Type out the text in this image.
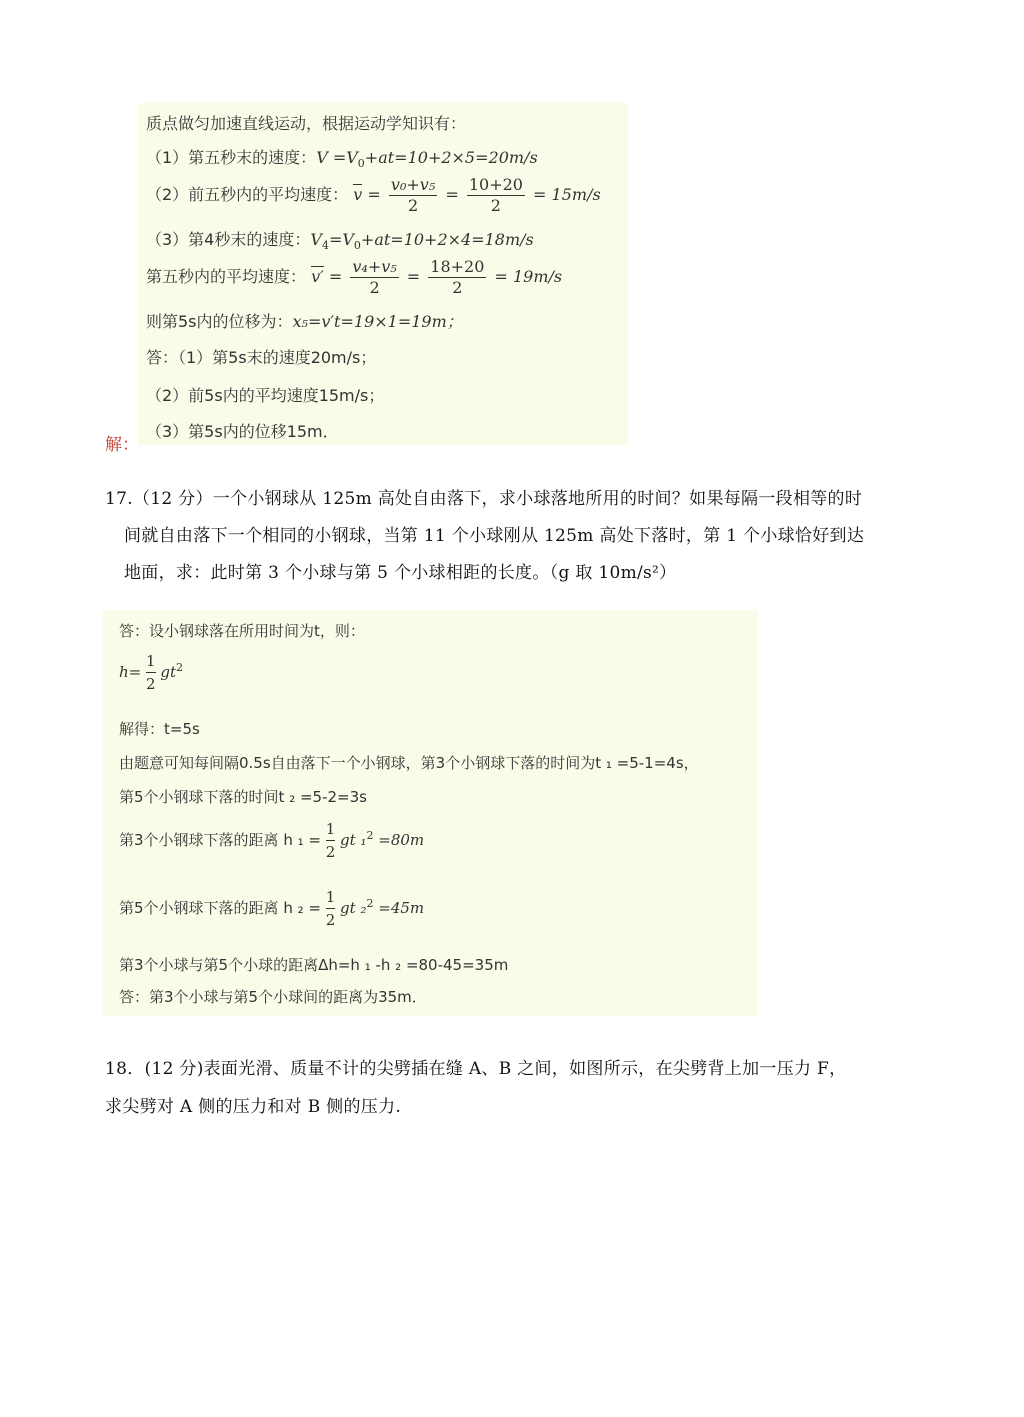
质点做匀加速直线运动，根据运动学知识有：
（1）第五秒末的速度：$V =V_0+at=10+2\times 5=20m/s$
（2）前五秒内的平均速度： $v = \frac{\text{v₀+v₅}}{2} = \frac{10+20}{2} = 15m/s$
（3）第4秒末的速度：$V_4=V_0+at=10+2\times 4=18m/s$
第五秒内的平均速度： $v' = \frac{\text{v₄+v₅}}{2} = \frac{18+20}{2} = 19m/s$
则第5s内的位移为：x₅=v′t=19×1=19m；
答：（1）第5s末的速度20m/s；
（2）前5s内的平均速度15m/s；
（3）第5s内的位移15m．
解：
17.（12 分）一个小钢球从 125m 高处自由落下，求小球落地所用的时间？如果每隔一段相等的时
间就自由落下一个相同的小钢球，当第 11 个小球刚从 125m 高处下落时，第 1 个小球恰好到达
地面，求：此时第 3 个小球与第 5 个小球相距的长度。（g 取 10m/s²）
答：设小钢球落在所用时间为t，则：
$h= \frac{1}{2} gt^2$
解得：t=5s
由题意可知每间隔0.5s自由落下一个小钢球，第3个小钢球下落的时间为t ₁ =5-1=4s，
第5个小钢球下落的时间t ₂ =5-2=3s
第3个小钢球下落的距离 h $_1 = \frac{1}{2}$ gt ₁$^2$ =80m
第5个小钢球下落的距离 h $_2 = \frac{1}{2}$ gt ₂$^2$ =45m
第3个小球与第5个小球的距离Δh=h ₁ -h ₂ =80-45=35m
答：第3个小球与第5个小球间的距离为35m．
18．(12 分)表面光滑、质量不计的尖劈插在缝 A、B 之间，如图所示，在尖劈背上加一压力 F，
求尖劈对 A 侧的压力和对 B 侧的压力.
